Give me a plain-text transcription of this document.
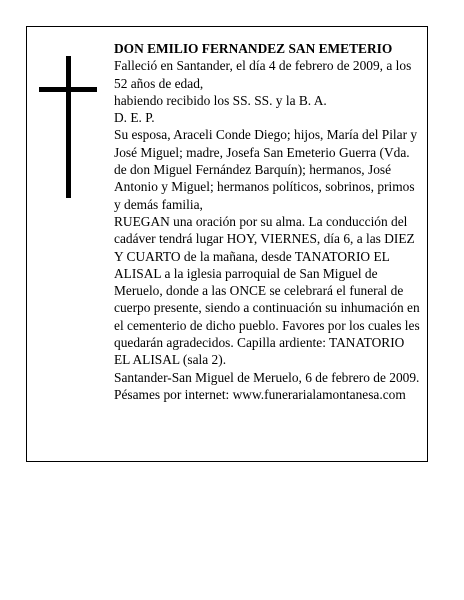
DON EMILIO FERNANDEZ SAN EMETERIO

Falleció en Santander, el día 4 de febrero de 2009, a los 52 años de edad,

habiendo recibido los SS. SS. y la B. A.

D. E. P.

Su esposa, Araceli Conde Diego; hijos, María del Pilar y José Miguel; madre, Josefa San Emeterio Guerra (Vda. de don Miguel Fernández Barquín); hermanos, José Antonio y Miguel; hermanos políticos, sobrinos, primos y demás familia,

RUEGAN una oración por su alma. La conducción del cadáver tendrá lugar HOY, VIERNES, día 6, a las DIEZ Y CUARTO de la mañana, desde TANATORIO EL ALISAL a la iglesia parroquial de San Miguel de Meruelo, donde a las ONCE se celebrará el funeral de cuerpo presente, siendo a continuación su inhumación en el cementerio de dicho pueblo. Favores por los cuales les quedarán agradecidos. Capilla ardiente: TANATORIO EL ALISAL (sala 2).

Santander-San Miguel de Meruelo, 6 de febrero de 2009.

Pésames por internet: www.funerarialamontanesa.com
